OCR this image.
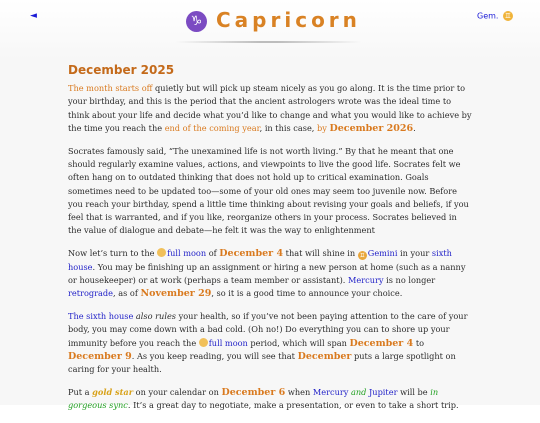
◄	♑ Capricorn	Gem. ♊
December 2025

The month starts off quietly but will pick up steam nicely as you go along. It is the time prior to your birthday, and this is the period that the ancient astrologers wrote was the ideal time to think about your life and decide what you’d like to change and what you would like to achieve by the time you reach the end of the coming year, in this case, by December 2026.

Socrates famously said, “The unexamined life is not worth living.” By that he meant that one should regularly examine values, actions, and viewpoints to live the good life. Socrates felt we often hang on to outdated thinking that does not hold up to critical examination. Goals sometimes need to be updated too—some of your old ones may seem too juvenile now. Before you reach your birthday, spend a little time thinking about revising your goals and beliefs, if you feel that is warranted, and if you like, reorganize others in your process. Socrates believed in the value of dialogue and debate—he felt it was the way to enlightenment

Now let’s turn to the full moon of December 4 that will shine in ♊ Gemini in your sixth house. You may be finishing up an assignment or hiring a new person at home (such as a nanny or housekeeper) or at work (perhaps a team member or assistant). Mercury is no longer retrograde, as of November 29, so it is a good time to announce your choice.

The sixth house also rules your health, so if you’ve not been paying attention to the care of your body, you may come down with a bad cold. (Oh no!) Do everything you can to shore up your immunity before you reach the full moon period, which will span December 4 to December 9. As you keep reading, you will see that December puts a large spotlight on caring for your health.

Put a gold star on your calendar on December 6 when Mercury and Jupiter will be in gorgeous sync. It’s a great day to negotiate, make a presentation, or even to take a short trip.
